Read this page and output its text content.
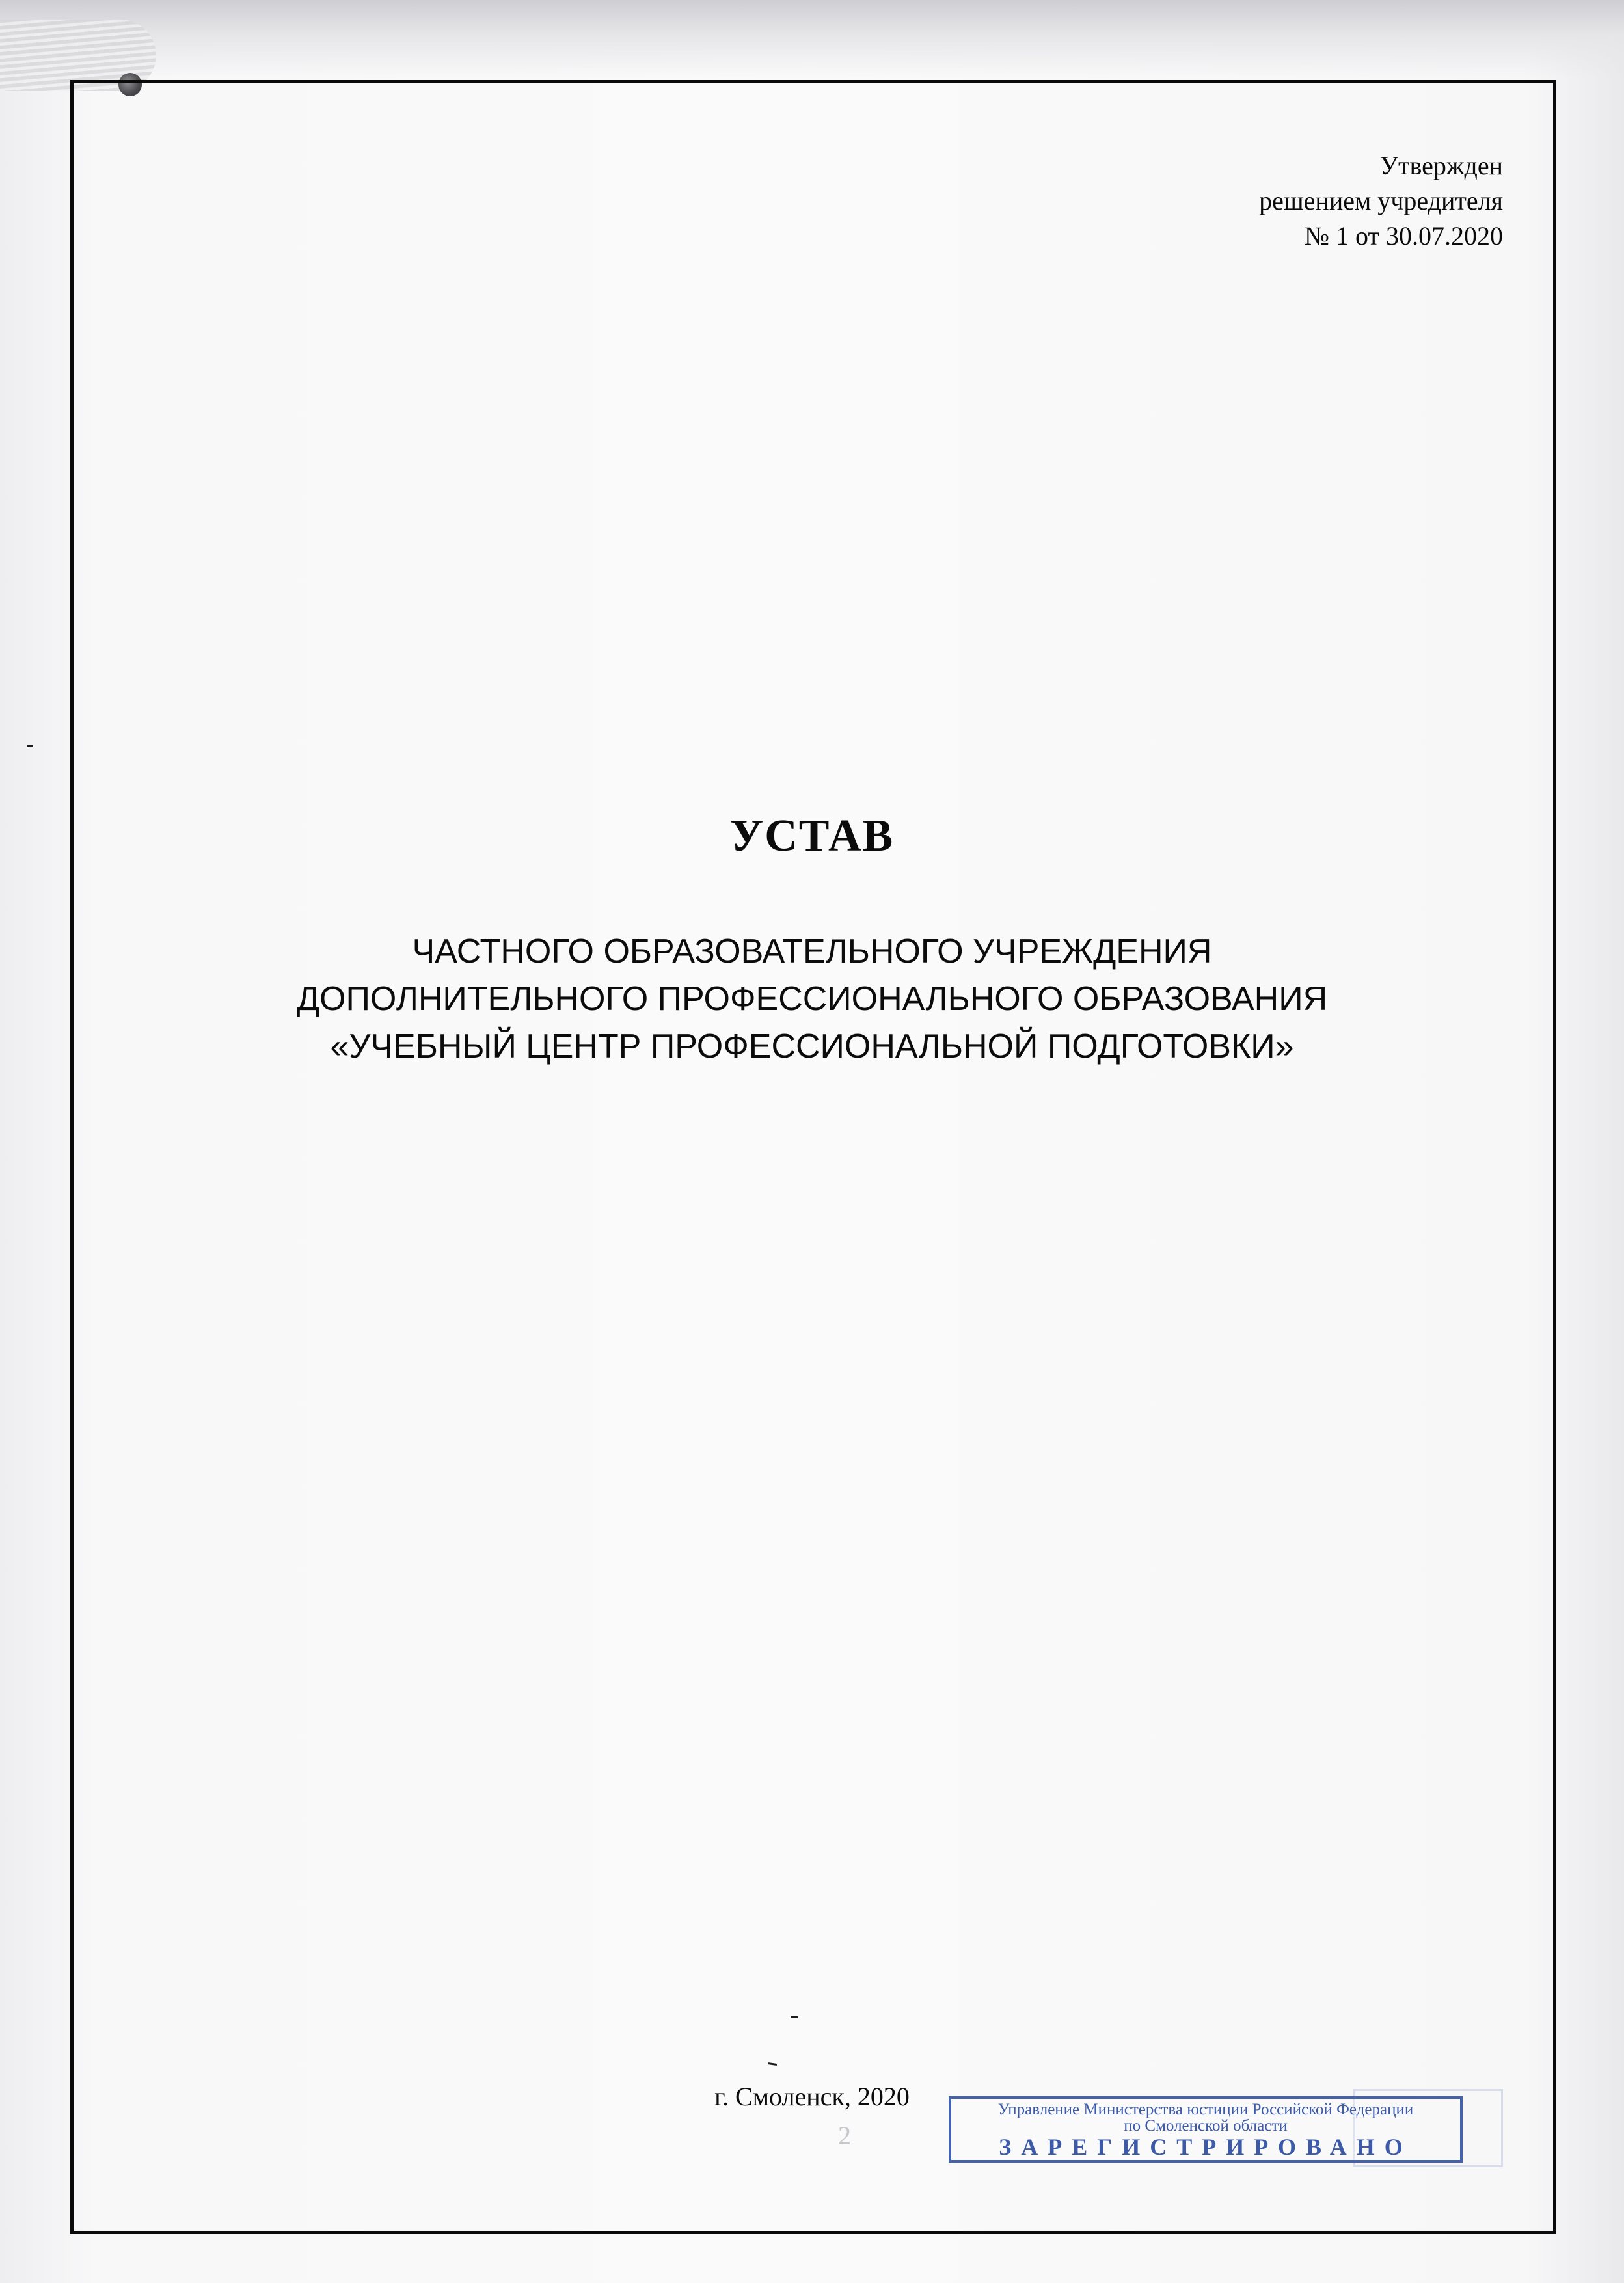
Утвержден
решением учредителя
№ 1 от 30.07.2020
УСТАВ
ЧАСТНОГО ОБРАЗОВАТЕЛЬНОГО УЧРЕЖДЕНИЯ
ДОПОЛНИТЕЛЬНОГО ПРОФЕССИОНАЛЬНОГО ОБРАЗОВАНИЯ
«УЧЕБНЫЙ ЦЕНТР ПРОФЕССИОНАЛЬНОЙ ПОДГОТОВКИ»
2
г. Смоленск, 2020	Управление Министерства юстиции Российской Федерации
по Смоленской области
ЗАРЕГИСТРИРОВАНО
